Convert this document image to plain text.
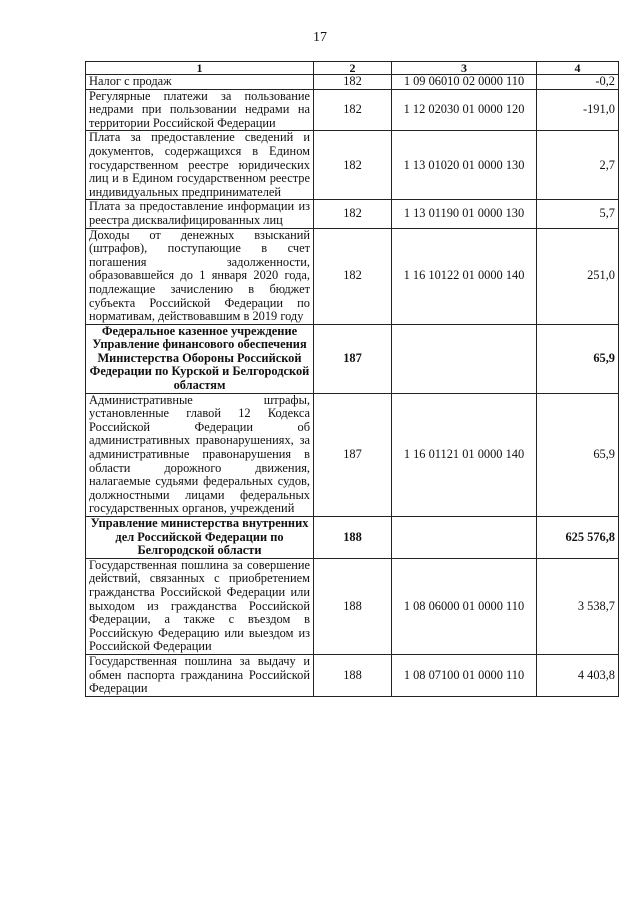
17
1	2	3	4
Налог с продаж	182	1 09 06010 02 0000 110	-0,2
Регулярные платежи за пользование недрами при пользовании недрами на территории Российской Федерации	182	1 12 02030 01 0000 120	-191,0
Плата за предоставление сведений и документов, содержащихся в Едином государственном реестре юридических лиц и в Едином государственном реестре индивидуальных предпринимателей	182	1 13 01020 01 0000 130	2,7
Плата за предоставление информации из реестра дисквалифицированных лиц	182	1 13 01190 01 0000 130	5,7
Доходы от денежных взысканий (штрафов), поступающие в счет погашения задолженности, образовавшейся до 1 января 2020 года, подлежащие зачислению в бюджет субъекта Российской Федерации по нормативам, действовавшим в 2019 году	182	1 16 10122 01 0000 140	251,0
Федеральное казенное учреждение Управление финансового обеспечения Министерства Обороны Российской Федерации по Курской и Белгородской областям	187		65,9
Административные штрафы, установленные главой 12 Кодекса Российской Федерации об административных правонарушениях, за административные правонарушения в области дорожного движения, налагаемые судьями федеральных судов, должностными лицами федеральных государственных органов, учреждений	187	1 16 01121 01 0000 140	65,9
Управление министерства внутренних дел Российской Федерации по Белгородской области	188		625 576,8
Государственная пошлина за совершение действий, связанных с приобретением гражданства Российской Федерации или выходом из гражданства Российской Федерации, а также с въездом в Российскую Федерацию или выездом из Российской Федерации	188	1 08 06000 01 0000 110	3 538,7
Государственная пошлина за выдачу и обмен паспорта гражданина Российской Федерации	188	1 08 07100 01 0000 110	4 403,8
